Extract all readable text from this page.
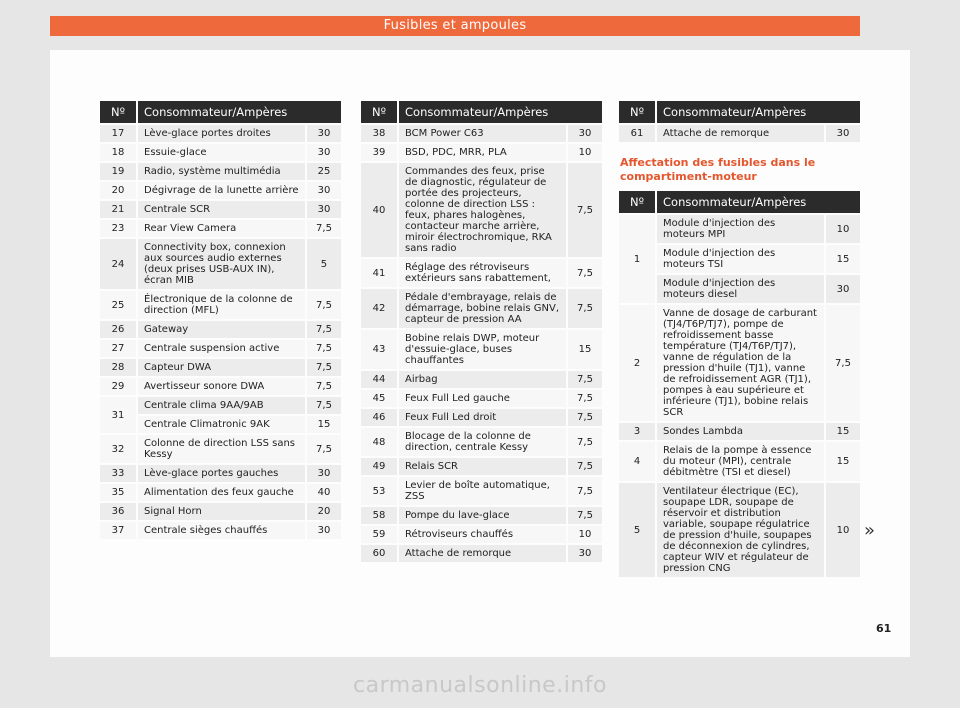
Fusibles et ampoules
Nº	Consommateur/Ampères	
17	Lève-glace portes droites	30
18	Essuie-glace	30
19	Radio, système multimédia	25
20	Dégivrage de la lunette arrière	30
21	Centrale SCR	30
23	Rear View Camera	7,5
24	Connectivity box, connexion aux sources audio externes (deux prises USB-AUX IN), écran MIB	5
25	Électronique de la colonne de direction (MFL)	7,5
26	Gateway	7,5
27	Centrale suspension active	7,5
28	Capteur DWA	7,5
29	Avertisseur sonore DWA	7,5
31	Centrale clima 9AA/9AB	7,5
	Centrale Climatronic 9AK	15
32	Colonne de direction LSS sans Kessy	7,5
33	Lève-glace portes gauches	30
35	Alimentation des feux gauche	40
36	Signal Horn	20
37	Centrale sièges chauffés	30
Nº	Consommateur/Ampères	
38	BCM Power C63	30
39	BSD, PDC, MRR, PLA	10
40	Commandes des feux, prise de diagnostic, régulateur de portée des projecteurs, colonne de direction LSS : feux, phares halogènes, contacteur marche arrière, miroir électrochromique, RKA sans radio	7,5
41	Réglage des rétroviseurs extérieurs sans rabattement,	7,5
42	Pédale d'embrayage, relais de démarrage, bobine relais GNV, capteur de pression AA	7,5
43	Bobine relais DWP, moteur d'essuie-glace, buses chauffantes	15
44	Airbag	7,5
45	Feux Full Led gauche	7,5
46	Feux Full Led droit	7,5
48	Blocage de la colonne de direction, centrale Kessy	7,5
49	Relais SCR	7,5
53	Levier de boîte automatique, ZSS	7,5
58	Pompe du lave-glace	7,5
59	Rétroviseurs chauffés	10
60	Attache de remorque	30
Nº	Consommateur/Ampères	
61	Attache de remorque	30
Affectation des fusibles dans le compartiment-moteur
Nº	Consommateur/Ampères	
1	Module d'injection des moteurs MPI	10
	Module d'injection des moteurs TSI	15
	Module d'injection des moteurs diesel	30
2	Vanne de dosage de carburant (TJ4/T6P/TJ7), pompe de refroidissement basse température (TJ4/T6P/TJ7), vanne de régulation de la pression d'huile (TJ1), vanne de refroidissement AGR (TJ1), pompes à eau supérieure et inférieure (TJ1), bobine relais SCR	7,5
3	Sondes Lambda	15
4	Relais de la pompe à essence du moteur (MPI), centrale débitmètre (TSI et diesel)	15
5	Ventilateur électrique (EC), soupape LDR, soupape de réservoir et distribution variable, soupape régulatrice de pression d'huile, soupapes de déconnexion de cylindres, capteur WIV et régulateur de pression CNG	10 »
61
carmanualsonline.info
